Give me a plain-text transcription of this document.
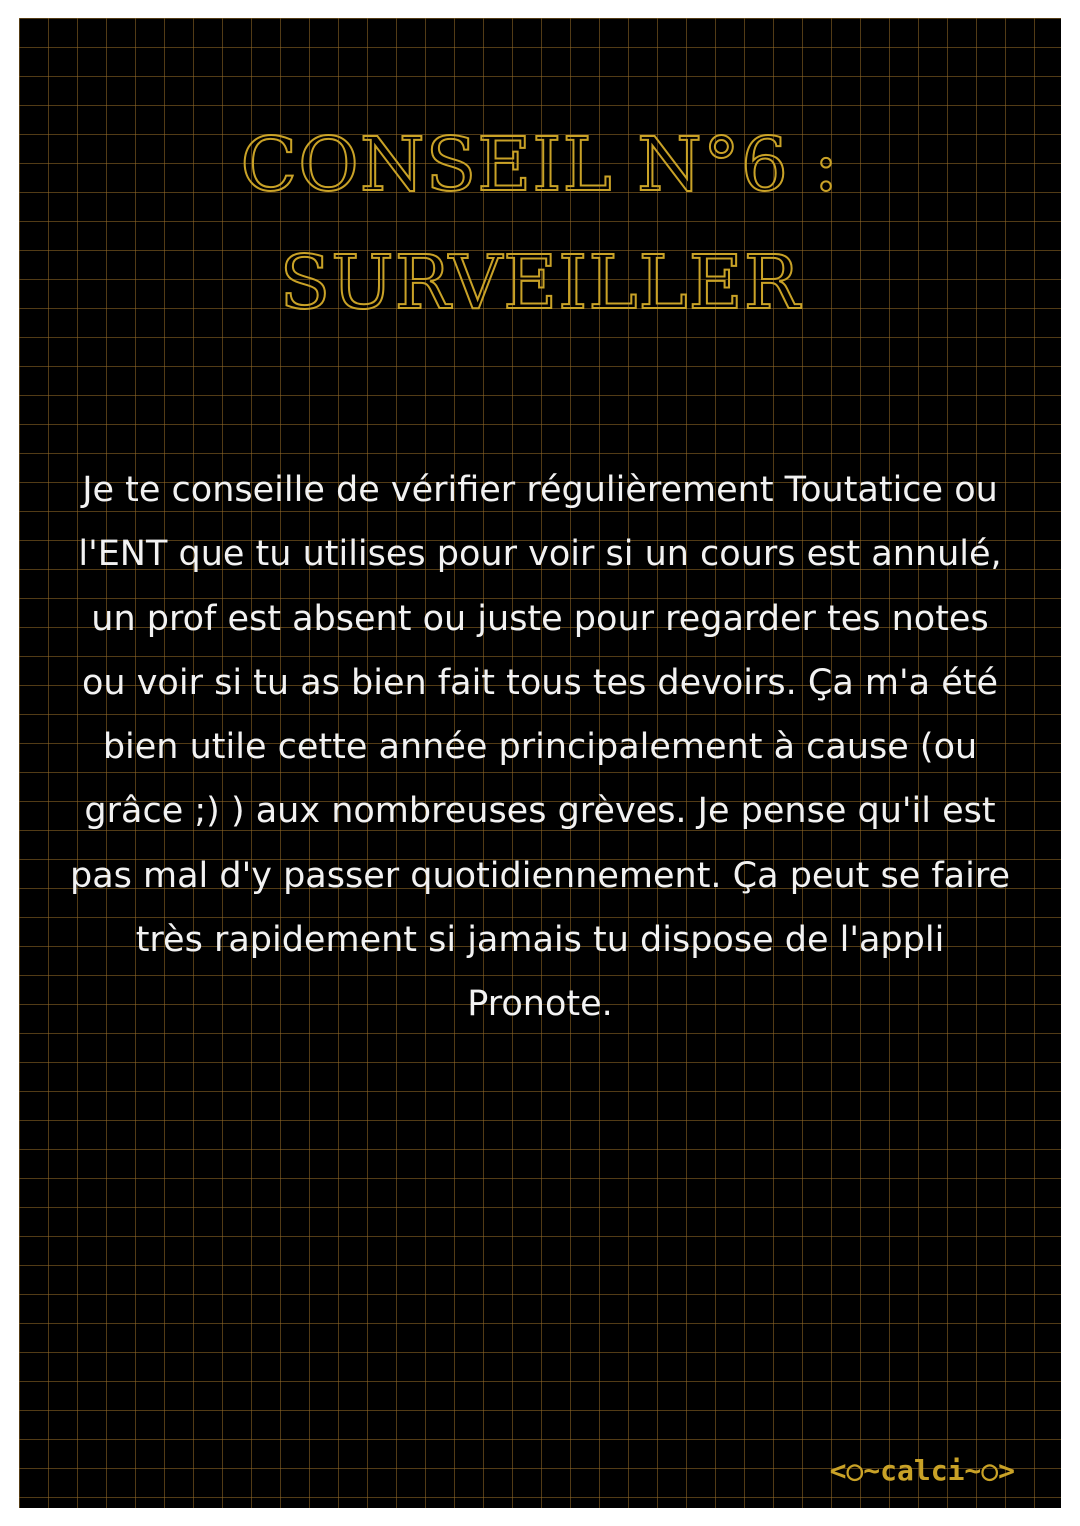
CONSEIL N°6 :
SURVEILLER

Je te conseille de vérifier régulièrement Toutatice ou l'ENT que tu utilises pour voir si un cours est annulé, un prof est absent ou juste pour regarder tes notes ou voir si tu as bien fait tous tes devoirs. Ça m'a été bien utile cette année principalement à cause (ou grâce ;) ) aux nombreuses grèves. Je pense qu'il est pas mal d'y passer quotidiennement. Ça peut se faire très rapidement si jamais tu dispose de l'appli Pronote.

<○~calci~○>
